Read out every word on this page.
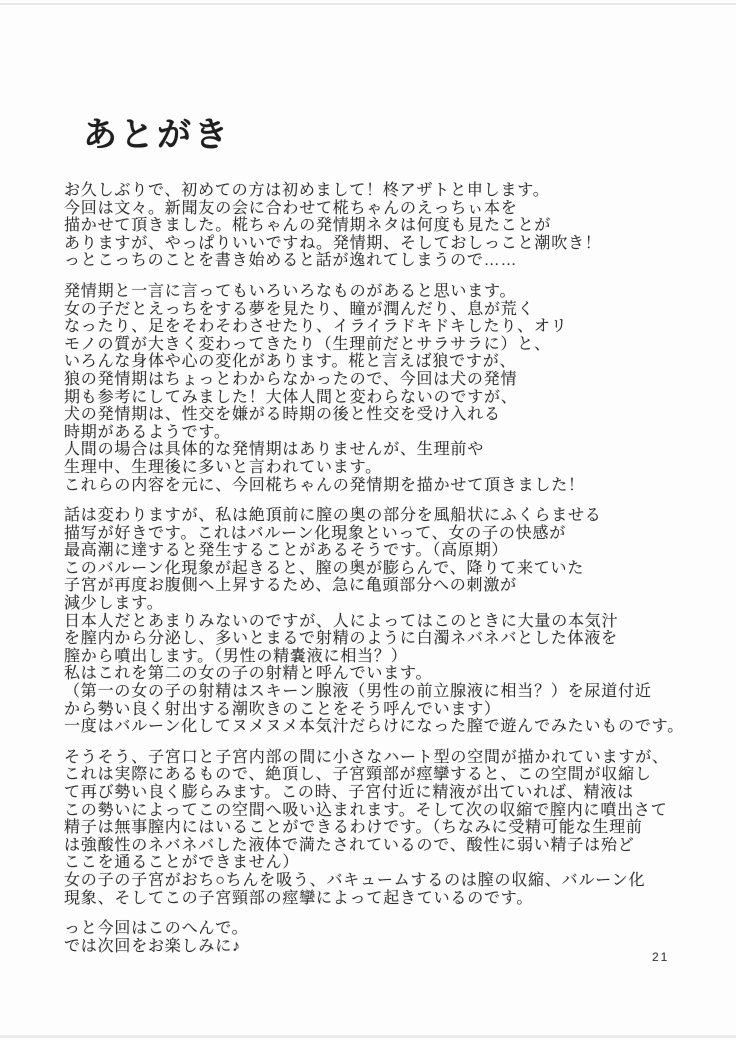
あとがき
お久しぶりで、初めての方は初めまして！柊アザトと申します。
今回は文々。新聞友の会に合わせて椛ちゃんのえっちぃ本を
描かせて頂きました。椛ちゃんの発情期ネタは何度も見たことが
ありますが、やっぱりいいですね。発情期、そしておしっこと潮吹き！
っとこっちのことを書き始めると話が逸れてしまうので……
発情期と一言に言ってもいろいろなものがあると思います。
女の子だとえっちをする夢を見たり、瞳が潤んだり、息が荒く
なったり、足をそわそわさせたり、イライラドキドキしたり、オリ
モノの質が大きく変わってきたり（生理前だとサラサラに）と、
いろんな身体や心の変化があります。椛と言えば狼ですが、
狼の発情期はちょっとわからなかったので、今回は犬の発情
期も参考にしてみました！大体人間と変わらないのですが、
犬の発情期は、性交を嫌がる時期の後と性交を受け入れる
時期があるようです。
人間の場合は具体的な発情期はありませんが、生理前や
生理中、生理後に多いと言われています。
これらの内容を元に、今回椛ちゃんの発情期を描かせて頂きました！
話は変わりますが、私は絶頂前に膣の奥の部分を風船状にふくらませる
描写が好きです。これはバルーン化現象といって、女の子の快感が
最高潮に達すると発生することがあるそうです。（高原期）
このバルーン化現象が起きると、膣の奥が膨らんで、降りて来ていた
子宮が再度お腹側へ上昇するため、急に亀頭部分への刺激が
減少します。
日本人だとあまりみないのですが、人によってはこのときに大量の本気汁
を膣内から分泌し、多いとまるで射精のように白濁ネバネバとした体液を
膣から噴出します。（男性の精嚢液に相当？）
私はこれを第二の女の子の射精と呼んでいます。
（第一の女の子の射精はスキーン腺液（男性の前立腺液に相当？）を尿道付近
から勢い良く射出する潮吹きのことをそう呼んでいます）
一度はバルーン化してヌメヌメ本気汁だらけになった膣で遊んでみたいものです。
そうそう、子宮口と子宮内部の間に小さなハート型の空間が描かれていますが、
これは実際にあるもので、絶頂し、子宮頸部が痙攣すると、この空間が収縮し
て再び勢い良く膨らみます。この時、子宮付近に精液が出ていれば、精液は
この勢いによってこの空間へ吸い込まれます。そして次の収縮で膣内に噴出さて
精子は無事膣内にはいることができるわけです。（ちなみに受精可能な生理前
は強酸性のネバネバした液体で満たされているので、酸性に弱い精子は殆ど
ここを通ることができません）
女の子の子宮がおち○ちんを吸う、バキュームするのは膣の収縮、バルーン化
現象、そしてこの子宮頸部の痙攣によって起きているのです。
っと今回はこのへんで。
では次回をお楽しみに♪
21
